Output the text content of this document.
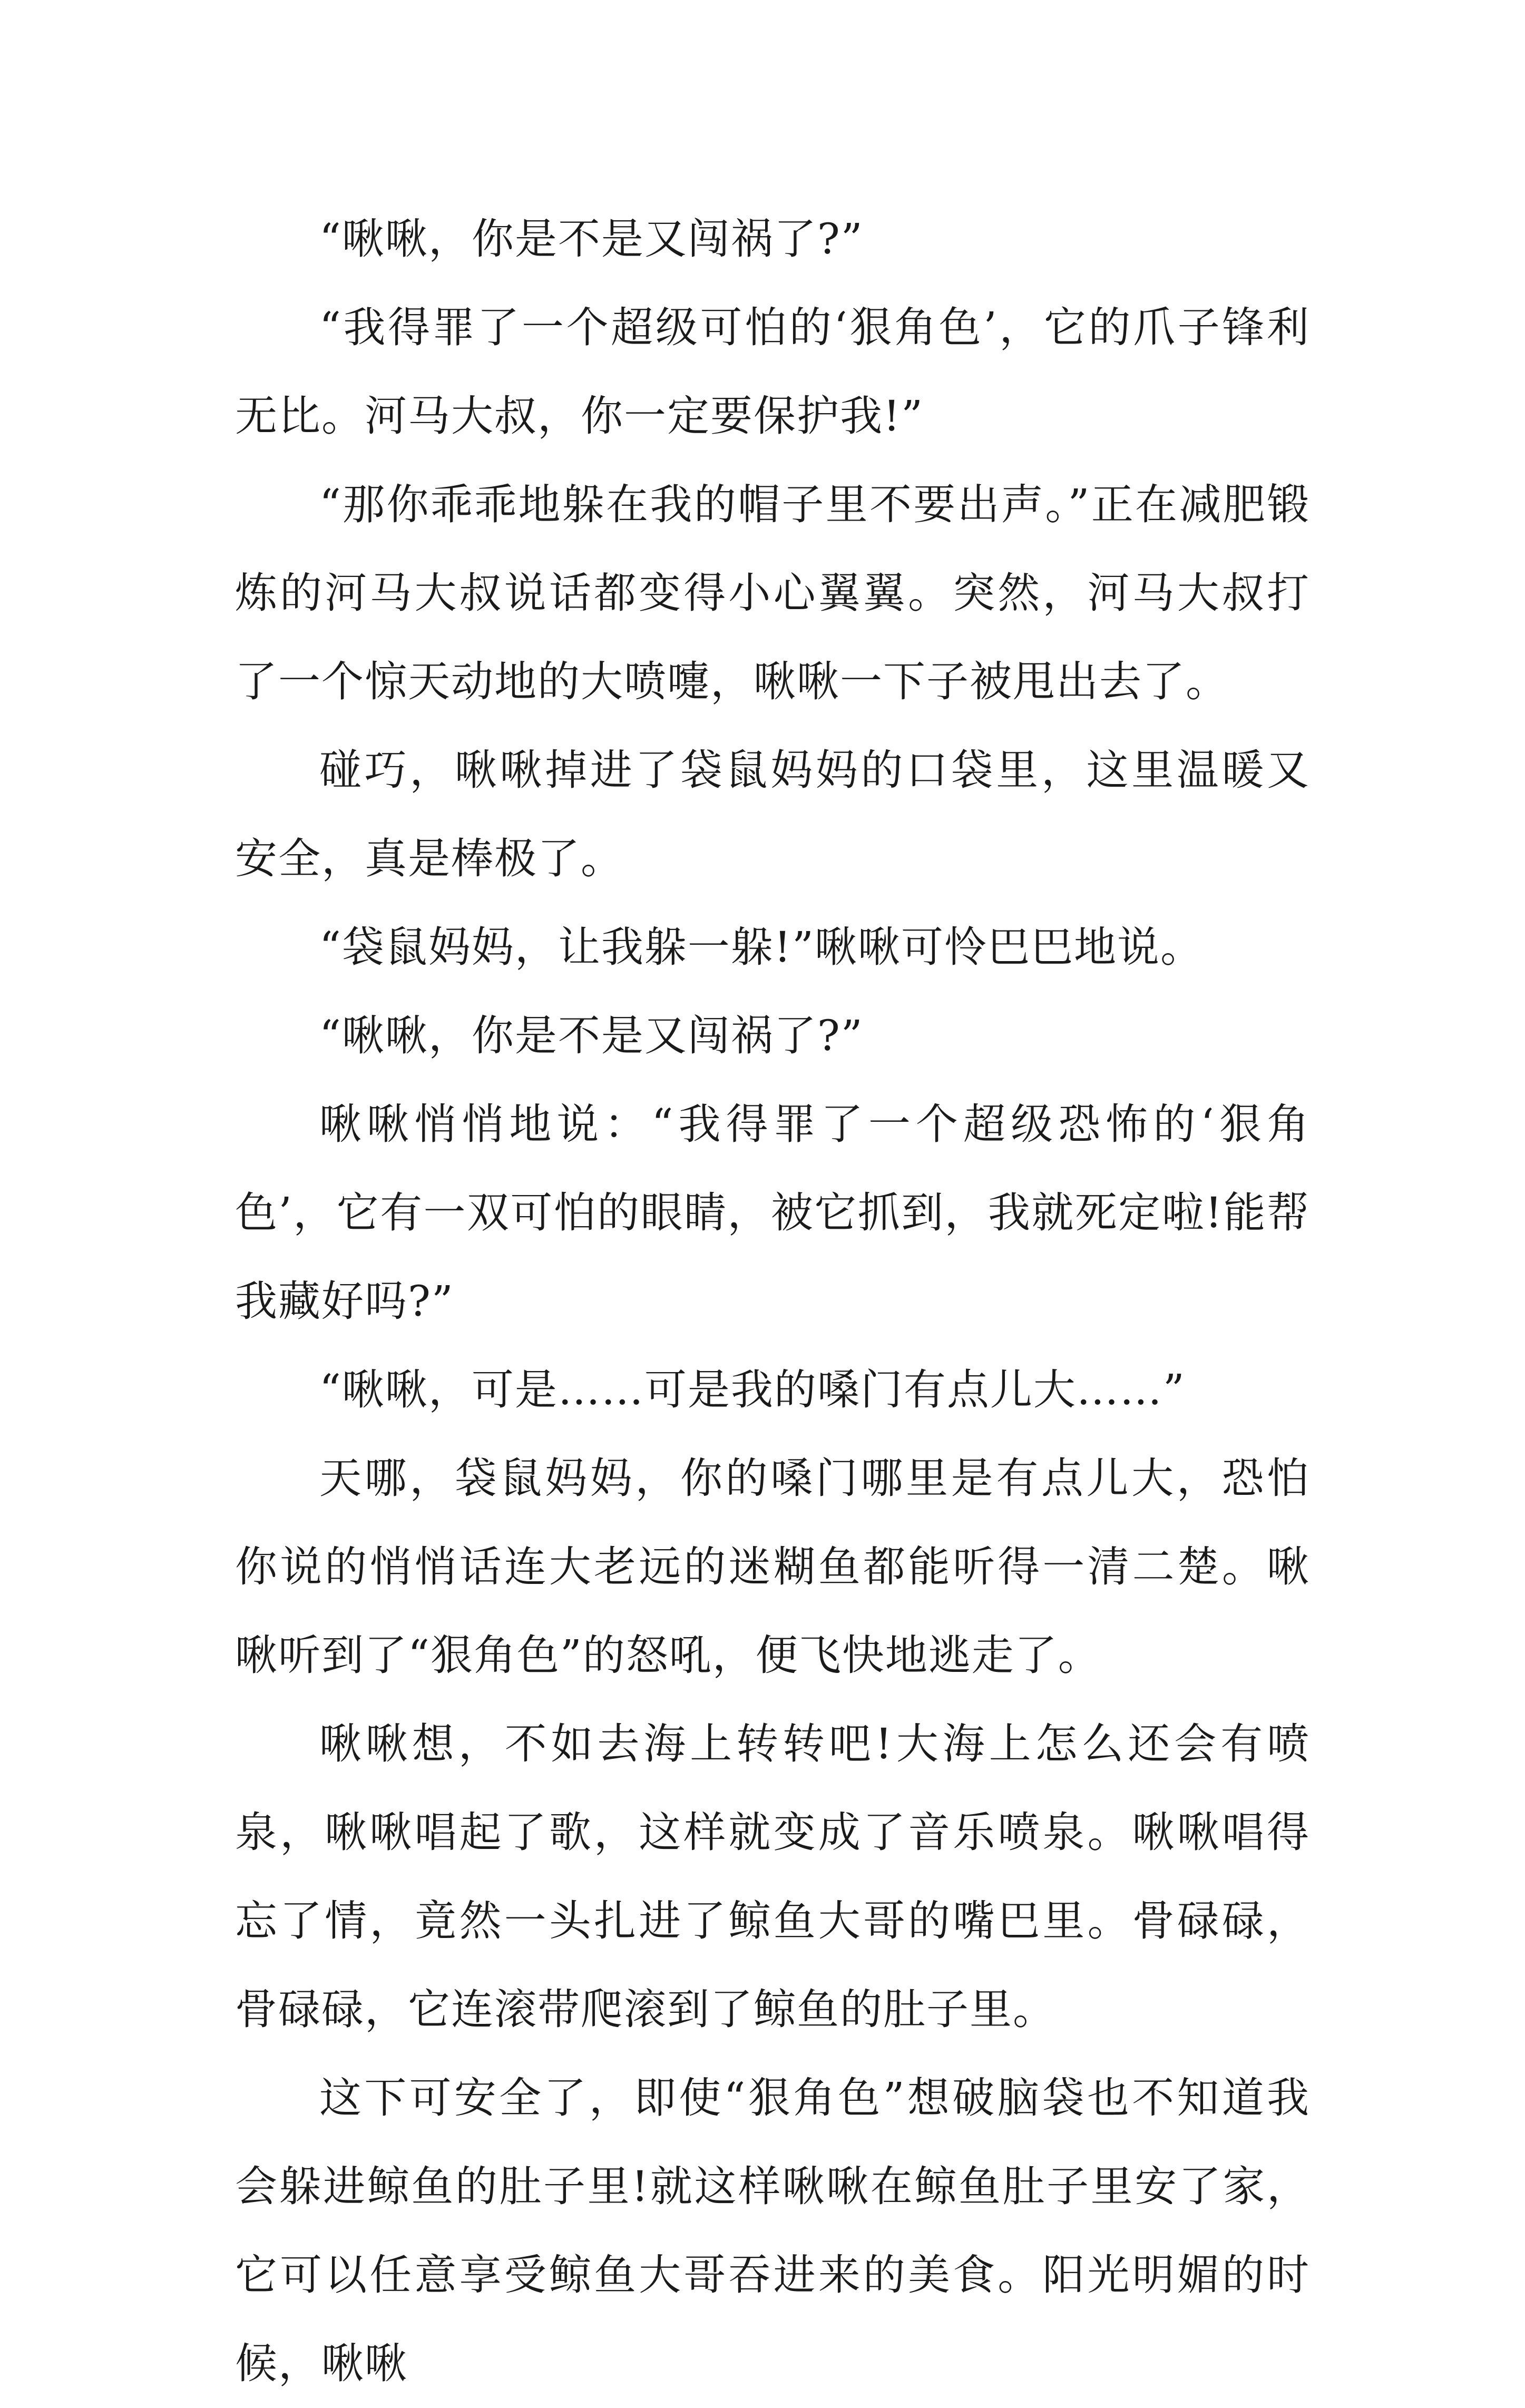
“啾啾，你是不是又闯祸了?”

“我得罪了一个超级可怕的‘狠角色’，它的爪子锋利无比。河马大叔，你一定要保护我!”

“那你乖乖地躲在我的帽子里不要出声。”正在减肥锻炼的河马大叔说话都变得小心翼翼。突然，河马大叔打了一个惊天动地的大喷嚏，啾啾一下子被甩出去了。

碰巧，啾啾掉进了袋鼠妈妈的口袋里，这里温暖又安全，真是棒极了。

“袋鼠妈妈，让我躲一躲!”啾啾可怜巴巴地说。

“啾啾，你是不是又闯祸了?”

啾啾悄悄地说：“我得罪了一个超级恐怖的‘狠角色’，它有一双可怕的眼睛，被它抓到，我就死定啦!能帮我藏好吗?”

“啾啾，可是……可是我的嗓门有点儿大……”

天哪，袋鼠妈妈，你的嗓门哪里是有点儿大，恐怕你说的悄悄话连大老远的迷糊鱼都能听得一清二楚。啾啾听到了“狠角色”的怒吼，便飞快地逃走了。

啾啾想，不如去海上转转吧!大海上怎么还会有喷泉，啾啾唱起了歌，这样就变成了音乐喷泉。啾啾唱得忘了情，竟然一头扎进了鲸鱼大哥的嘴巴里。骨碌碌，骨碌碌，它连滚带爬滚到了鲸鱼的肚子里。

这下可安全了，即使“狠角色”想破脑袋也不知道我会躲进鲸鱼的肚子里!就这样啾啾在鲸鱼肚子里安了家，它可以任意享受鲸鱼大哥吞进来的美食。阳光明媚的时候，啾啾
